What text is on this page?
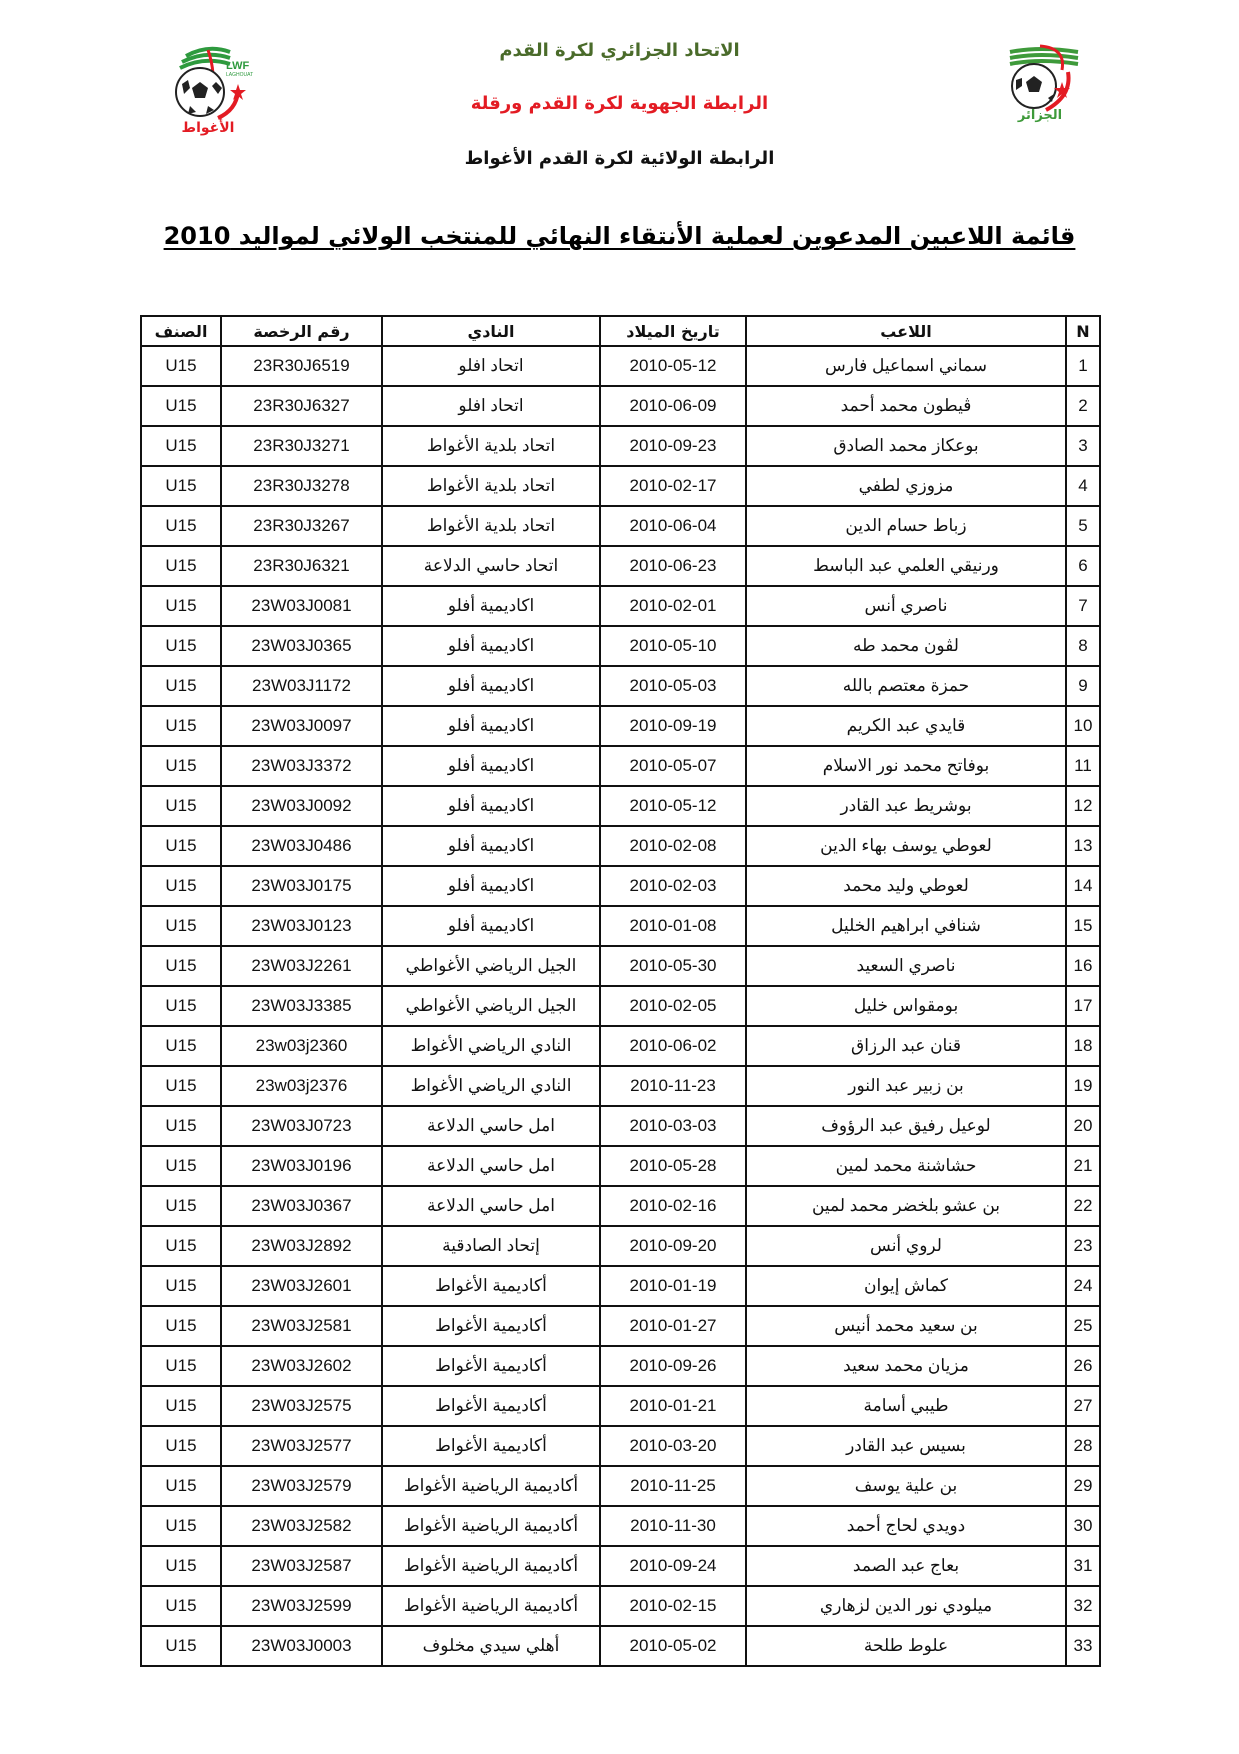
LWF
LAGHOUAT
الأغواط
الجزائر
الاتحاد الجزائري لكرة القدم
الرابطة الجهوية لكرة القدم ورقلة
الرابطة الولائية لكرة القدم الأغواط
قائمة اللاعبين المدعوين لعملية الأنتقاء النهائي للمنتخب الولائي لمواليد 2010
N	اللاعب	تاريخ الميلاد	النادي	رقم الرخصة	الصنف
1	سماني اسماعيل فارس	2010-05-12	اتحاد افلو	23R30J6519	U15
2	ڨيطون محمد أحمد	2010-06-09	اتحاد افلو	23R30J6327	U15
3	بوعكاز محمد الصادق	2010-09-23	اتحاد بلدية الأغواط	23R30J3271	U15
4	مزوزي لطفي	2010-02-17	اتحاد بلدية الأغواط	23R30J3278	U15
5	زباط حسام الدين	2010-06-04	اتحاد بلدية الأغواط	23R30J3267	U15
6	ورنيقي العلمي عبد الباسط	2010-06-23	اتحاد حاسي الدلاعة	23R30J6321	U15
7	ناصري أنس	2010-02-01	اكاديمية أفلو	23W03J0081	U15
8	لڨون محمد طه	2010-05-10	اكاديمية أفلو	23W03J0365	U15
9	حمزة معتصم بالله	2010-05-03	اكاديمية أفلو	23W03J1172	U15
10	قايدي عبد الكريم	2010-09-19	اكاديمية أفلو	23W03J0097	U15
11	بوفاتح محمد نور الاسلام	2010-05-07	اكاديمية أفلو	23W03J3372	U15
12	بوشريط عبد القادر	2010-05-12	اكاديمية أفلو	23W03J0092	U15
13	لعوطي يوسف بهاء الدين	2010-02-08	اكاديمية أفلو	23W03J0486	U15
14	لعوطي وليد محمد	2010-02-03	اكاديمية أفلو	23W03J0175	U15
15	شنافي ابراهيم الخليل	2010-01-08	اكاديمية أفلو	23W03J0123	U15
16	ناصري السعيد	2010-05-30	الجيل الرياضي الأغواطي	23W03J2261	U15
17	بومقواس خليل	2010-02-05	الجيل الرياضي الأغواطي	23W03J3385	U15
18	قنان عبد الرزاق	2010-06-02	النادي الرياضي الأغواط	23w03j2360	U15
19	بن زبير عبد النور	2010-11-23	النادي الرياضي الأغواط	23w03j2376	U15
20	لوعيل رفيق عبد الرؤوف	2010-03-03	امل حاسي الدلاعة	23W03J0723	U15
21	حشاشنة محمد لمين	2010-05-28	امل حاسي الدلاعة	23W03J0196	U15
22	بن عشو بلخضر محمد لمين	2010-02-16	امل حاسي الدلاعة	23W03J0367	U15
23	لروي أنس	2010-09-20	إتحاد الصادقية	23W03J2892	U15
24	كماش إيوان	2010-01-19	أكاديمية الأغواط	23W03J2601	U15
25	بن سعيد محمد أنيس	2010-01-27	أكاديمية الأغواط	23W03J2581	U15
26	مزيان محمد سعيد	2010-09-26	أكاديمية الأغواط	23W03J2602	U15
27	طيبي أسامة	2010-01-21	أكاديمية الأغواط	23W03J2575	U15
28	بسيس عبد القادر	2010-03-20	أكاديمية الأغواط	23W03J2577	U15
29	بن علية يوسف	2010-11-25	أكاديمية الرياضية الأغواط	23W03J2579	U15
30	دويدي لحاج أحمد	2010-11-30	أكاديمية الرياضية الأغواط	23W03J2582	U15
31	بعاج عبد الصمد	2010-09-24	أكاديمية الرياضية الأغواط	23W03J2587	U15
32	ميلودي نور الدين لزهاري	2010-02-15	أكاديمية الرياضية الأغواط	23W03J2599	U15
33	علوط طلحة	2010-05-02	أهلي سيدي مخلوف	23W03J0003	U15
